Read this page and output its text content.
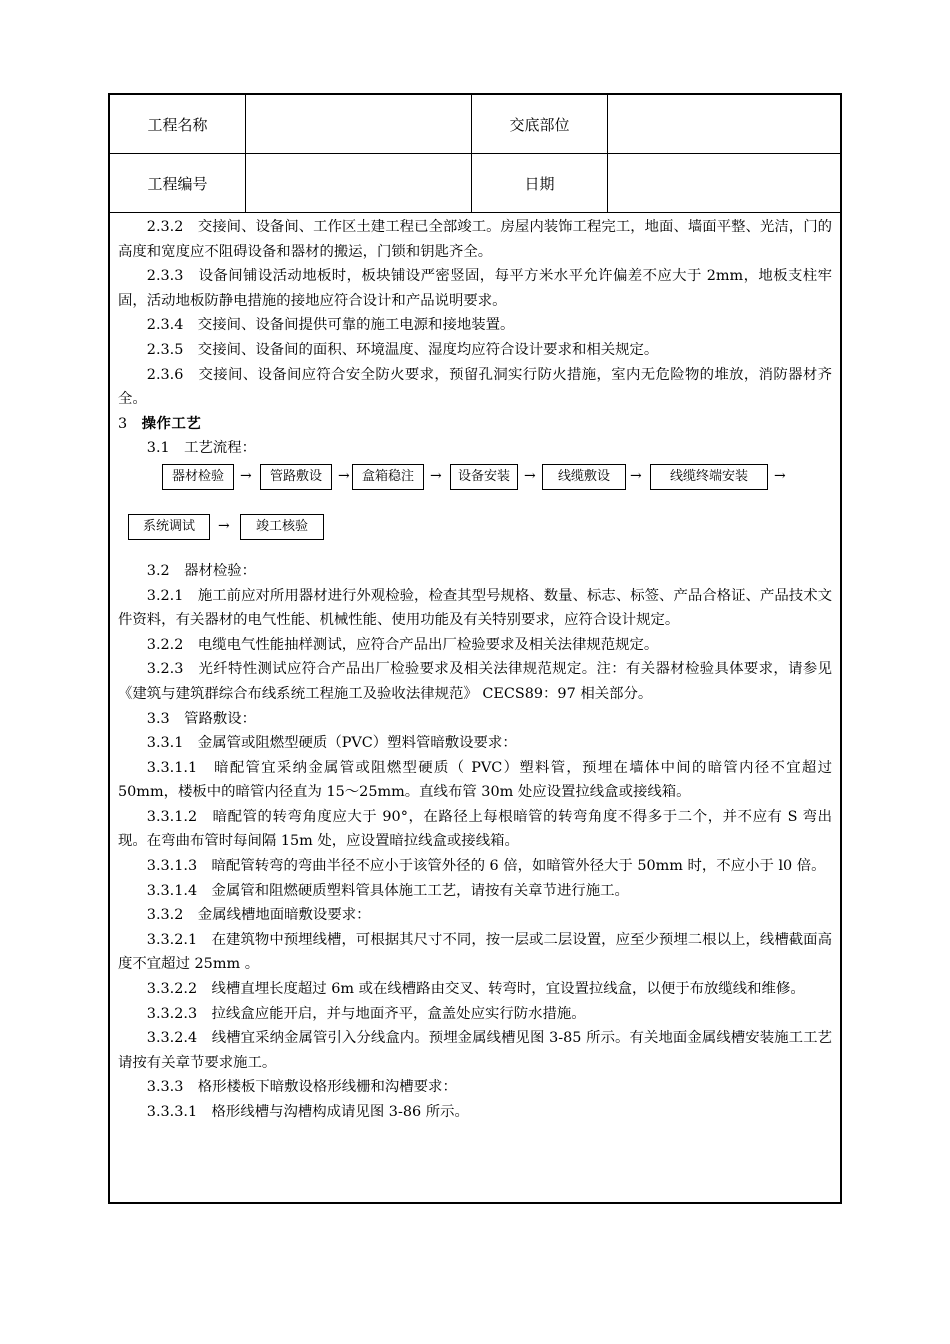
工程名称	交底部位
工程编号	日期

2.3.2　交接间、设备间、工作区土建工程已全部竣工。房屋内装饰工程完工，地面、墙面平整、光洁，门的高度和宽度应不阻碍设备和器材的搬运，门锁和钥匙齐全。

2.3.3　设备间铺设活动地板时，板块铺设严密竖固，每平方米水平允许偏差不应大于 2mm，地板支柱牢固，活动地板防静电措施的接地应符合设计和产品说明要求。

2.3.4　交接间、设备间提供可靠的施工电源和接地装置。

2.3.5　交接间、设备间的面积、环境温度、湿度均应符合设计要求和相关规定。

2.3.6　交接间、设备间应符合安全防火要求，预留孔洞实行防火措施，室内无危险物的堆放，消防器材齐全。

3 操作工艺

3.1　工艺流程：

器材检验	→	管路敷设	→ 盒箱稳注	→	设备安装	→	线缆敷设	→	线缆终端安装	→
系统调试	→	竣工核验

3.2　器材检验：

3.2.1　施工前应对所用器材进行外观检验，检查其型号规格、数量、标志、标签、产品合格证、产品技术文件资料，有关器材的电气性能、机械性能、使用功能及有关特别要求，应符合设计规定。

3.2.2　电缆电气性能抽样测试，应符合产品出厂检验要求及相关法律规范规定。

3.2.3　光纤特性测试应符合产品出厂检验要求及相关法律规范规定。注：有关器材检验具体要求，请参见《建筑与建筑群综合布线系统工程施工及验收法律规范》 CECS89：97 相关部分。

3.3　管路敷设：

3.3.1　金属管或阻燃型硬质（PVC）塑料管暗敷设要求：

3.3.1.1　暗配管宜采纳金属管或阻燃型硬质（ PVC）塑料管，预埋在墙体中间的暗管内径不宜超过 50mm，楼板中的暗管内径直为 15～25mm。直线布管 30m 处应设置拉线盒或接线箱。

3.3.1.2　暗配管的转弯角度应大于 90°，在路径上每根暗管的转弯角度不得多于二个，并不应有 S 弯出现。在弯曲布管时每间隔 15m 处，应设置暗拉线盒或接线箱。

3.3.1.3　暗配管转弯的弯曲半径不应小于该管外径的 6 倍，如暗管外径大于 50mm 时，不应小于 l0 倍。

3.3.1.4　金属管和阻燃硬质塑料管具体施工工艺，请按有关章节进行施工。

3.3.2　金属线槽地面暗敷设要求：

3.3.2.1　在建筑物中预埋线槽，可根据其尺寸不同，按一层或二层设置，应至少预埋二根以上，线槽截面高度不宜超过 25mm 。

3.3.2.2　线槽直埋长度超过 6m 或在线槽路由交叉、转弯时，宜设置拉线盒，以便于布放缆线和维修。

3.3.2.3　拉线盒应能开启，并与地面齐平，盒盖处应实行防水措施。

3.3.2.4　线槽宜采纳金属管引入分线盒内。预埋金属线槽见图 3-85 所示。有关地面金属线槽安装施工工艺请按有关章节要求施工。

3.3.3　格形楼板下暗敷设格形线栅和沟槽要求：

3.3.3.1　格形线槽与沟槽构成请见图 3-86 所示。
